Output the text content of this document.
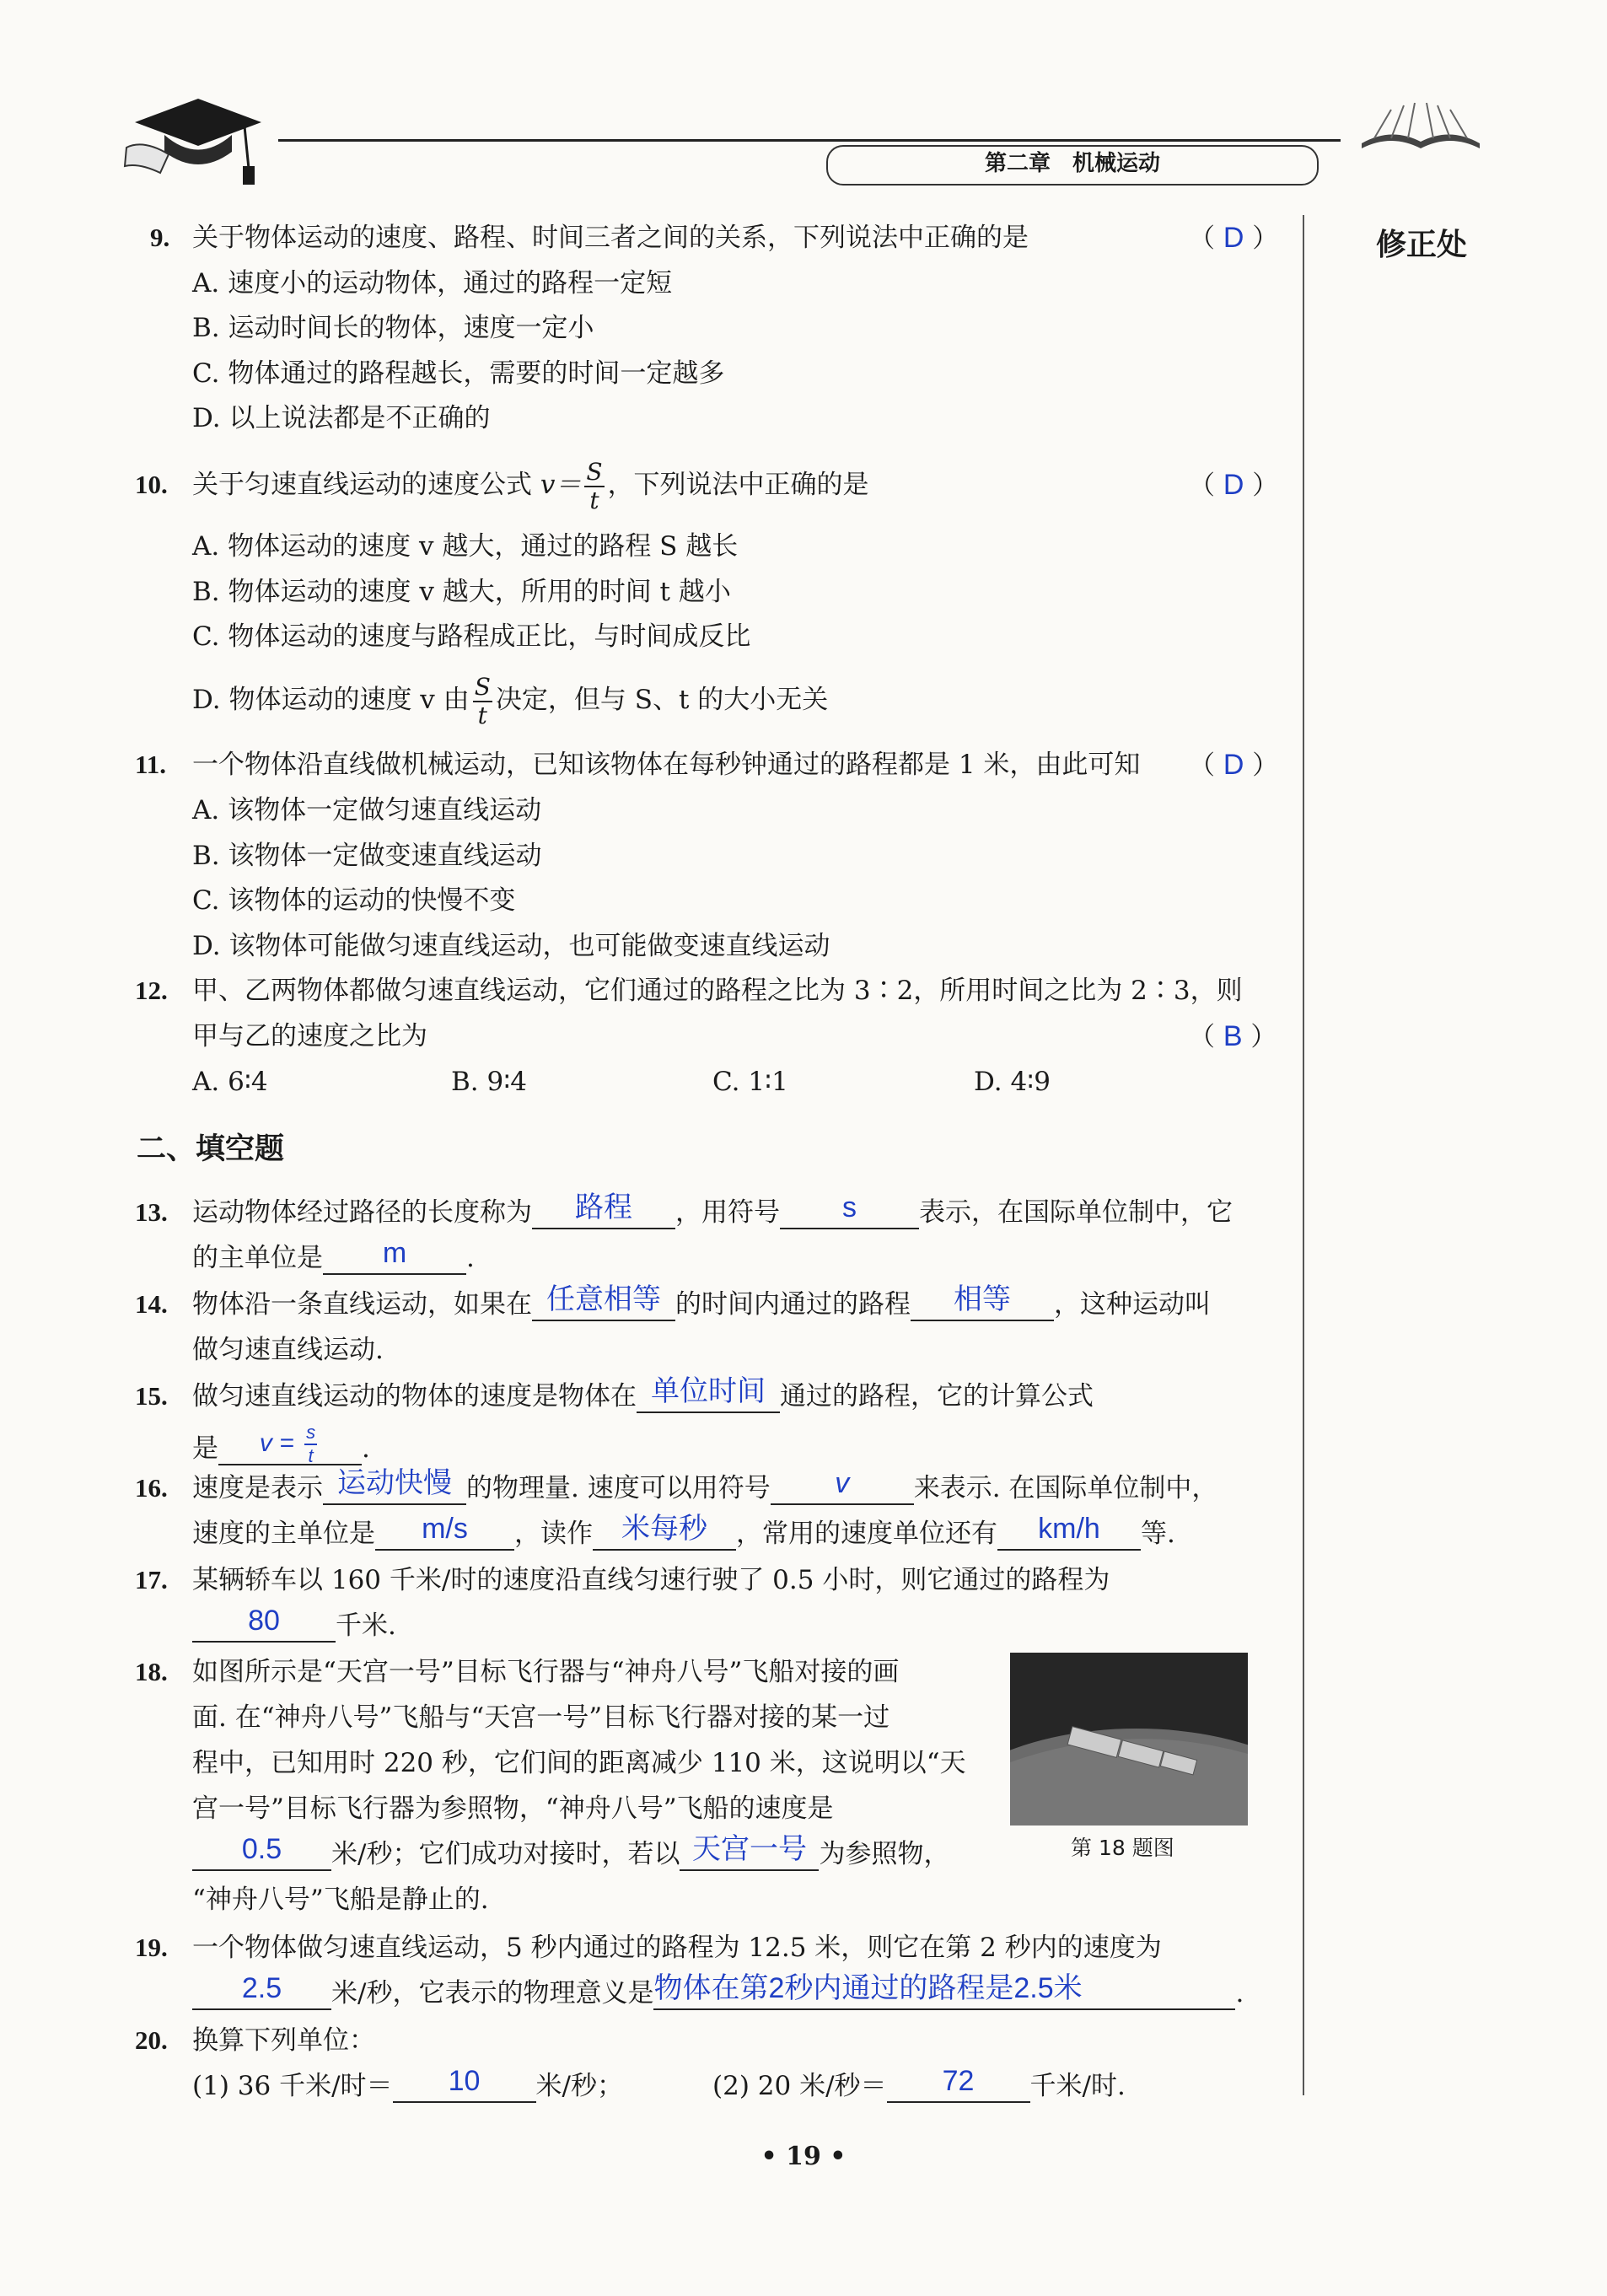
第二章　机械运动
修正处
9. 关于物体运动的速度、路程、时间三者之间的关系，下列说法中正确的是	（ D ）
A. 速度小的运动物体，通过的路程一定短
B. 运动时间长的物体，速度一定小
C. 物体通过的路程越长，需要的时间一定越多
D. 以上说法都是不正确的
10. 关于匀速直线运动的速度公式 $v= \frac{S}{t}$ ，下列说法中正确的是	（ D ）
A. 物体运动的速度 v 越大，通过的路程 S 越长
B. 物体运动的速度 v 越大，所用的时间 t 越小
C. 物体运动的速度与路程成正比，与时间成反比
D. 物体运动的速度 v 由 $\frac{S}{t}$ 决定，但与 S、t 的大小无关
11. 一个物体沿直线做机械运动，已知该物体在每秒钟通过的路程都是 1 米，由此可知 （ D ）
A. 该物体一定做匀速直线运动
B. 该物体一定做变速直线运动
C. 该物体的运动的快慢不变
D. 该物体可能做匀速直线运动，也可能做变速直线运动
12. 甲、乙两物体都做匀速直线运动，它们通过的路程之比为 3∶2，所用时间之比为 2∶3，则
甲与乙的速度之比为	（ B ）
A. 6∶4	B. 9∶4	C. 1∶1	D. 4∶9
二、填空题
13. 运动物体经过路径的长度称为 路程 ，用符号 s 表示，在国际单位制中，它
的主单位是 m .
14. 物体沿一条直线运动，如果在 任意相等 的时间内通过的路程 相等 ，这种运动叫
做匀速直线运动.
15. 做匀速直线运动的物体的速度是物体在 单位时间 通过的路程，它的计算公式
是 $v = \frac{s}{t}$ .
16. 速度是表示 运动快慢 的物理量. 速度可以用符号 v 来表示. 在国际单位制中，
速度的主单位是 m/s ，读作 米每秒 ，常用的速度单位还有 km/h 等.
17. 某辆轿车以 160 千米/时的速度沿直线匀速行驶了 0.5 小时，则它通过的路程为
80 千米.
18. 如图所示是“天宫一号”目标飞行器与“神舟八号”飞船对接的画
面. 在“神舟八号”飞船与“天宫一号”目标飞行器对接的某一过
程中，已知用时 220 秒，它们间的距离减少 110 米，这说明以“天
宫一号”目标飞行器为参照物，“神舟八号”飞船的速度是
0.5 米/秒；它们成功对接时，若以 天宫一号 为参照物，
“神舟八号”飞船是静止的.
第 18 题图
19. 一个物体做匀速直线运动，5 秒内通过的路程为 12.5 米，则它在第 2 秒内的速度为
2.5 米/秒，它表示的物理意义是物体在第2秒内通过的路程是2.5米	.
20. 换算下列单位：
(1) 36 千米/时＝ 10 米/秒；	(2) 20 米/秒＝ 72 千米/时.
• 19 •
